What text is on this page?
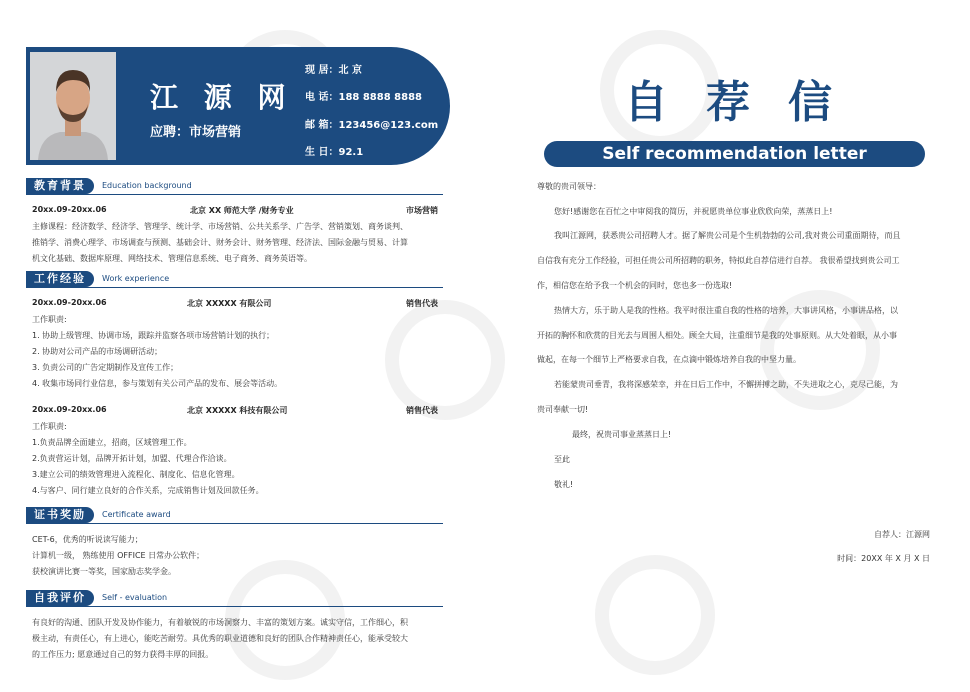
江 源 网
应聘：市场营销
现 居：北 京
电 话：188 8888 8888
邮 箱：123456@123.com
生 日：92.1
教育背景	Education background
20xx.09-20xx.06	北京 XX 师范大学 /财务专业	市场营销
主修课程：经济数学、经济学、管理学、统计学、市场营销、公共关系学、广告学、营销策划、商务谈判、
推销学、消费心理学、市场调查与预测、基础会计、财务会计、财务管理、经济法、国际金融与贸易、计算
机文化基础、数据库原理、网络技术、管理信息系统、电子商务、商务英语等。
工作经验	Work experience
20xx.09-20xx.06	北京 XXXXX 有限公司	销售代表
工作职责:
1. 协助上级管理、协调市场，跟踪并监察各项市场营销计划的执行；
2. 协助对公司产品的市场调研活动；
3. 负责公司的广告定期制作及宣传工作；
4. 收集市场同行业信息，参与策划有关公司产品的发布、展会等活动。
20xx.09-20xx.06	北京 XXXXX 科技有限公司	销售代表
工作职责:
1.负责品牌全面建立，招商，区域管理工作。
2.负责营运计划，品牌开拓计划，加盟、代理合作洽谈。
3.建立公司的绩效管理进入流程化、制度化、信息化管理。
4.与客户、同行建立良好的合作关系，完成销售计划及回款任务。
证书奖励	Certificate award
CET-6，优秀的听说读写能力；
计算机一级， 熟练使用 OFFICE 日常办公软件；
获校演讲比赛一等奖，国家励志奖学金。
自我评价	Self - evaluation
有良好的沟通、团队开发及协作能力，有着敏锐的市场洞察力、丰富的策划方案。诚实守信，工作细心，积
极主动，有责任心，有上进心，能吃苦耐劳。具优秀的职业道德和良好的团队合作精神责任心，能承受较大
的工作压力; 愿意通过自己的努力获得丰厚的回报。
自荐信
Self recommendation letter
尊敬的贵司领导：
您好!感谢您在百忙之中审阅我的简历，并祝愿贵单位事业欣欣向荣，蒸蒸日上!
我叫江源网，获悉贵公司招聘人才。据了解贵公司是个生机勃勃的公司,我对贵公司重面期待，而且
自信我有充分工作经验，可担任贵公司所招聘的职务，特拟此自荐信进行自荐。 我很希望找到贵公司工
作，相信您在给予我一个机会的同时，您也多一份选取!
热情大方，乐于助人是我的性格。我平时很注重自我的性格的培养，大事讲风格，小事讲品格，以
开拓的胸怀和欣赏的目光去与周围人相处。顾全大局，注重细节是我的处事原则。从大处着眼，从小事
做起，在每一个细节上严格要求自我，在点滴中锻炼培养自我的中坚力量。
若能蒙贵司垂青，我将深感荣幸，并在日后工作中，不懈拼搏之助，不失进取之心，克尽己能，为
贵司奉献一切!
最终，祝贵司事业蒸蒸日上!
至此
敬礼!
自荐人：江源网
时间：20XX 年 X 月 X 日
